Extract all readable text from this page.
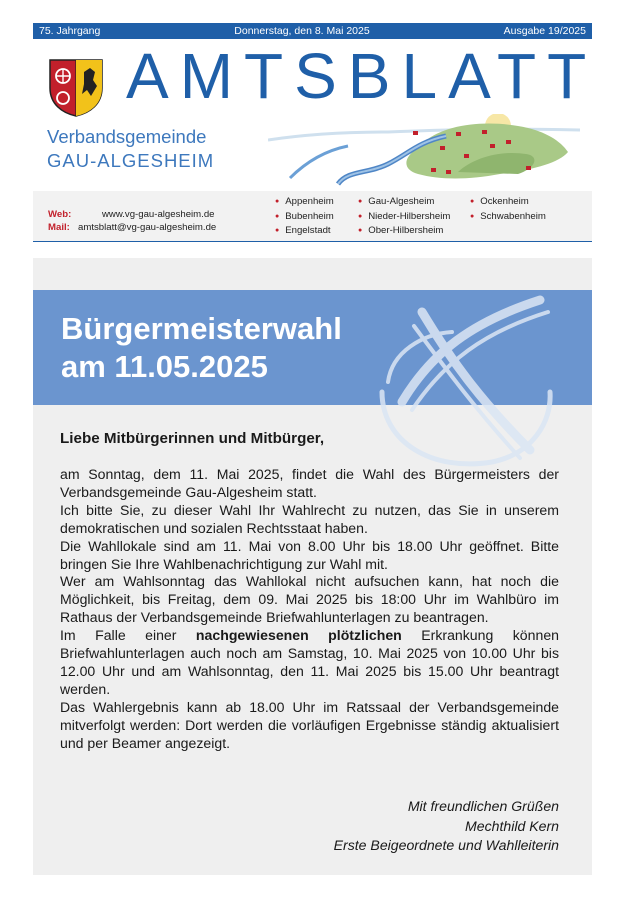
75. Jahrgang	Donnerstag, den 8. Mai 2025	Ausgabe 19/2025
AMTSBLATT
Verbandsgemeinde
GAU-ALGESHEIM
Web:	www.vg-gau-algesheim.de
Mail: amtsblatt@vg-gau-algesheim.de
● Appenheim
● Bubenheim
● Engelstadt
● Gau-Algesheim
● Nieder-Hilbersheim
● Ober-Hilbersheim
● Ockenheim
● Schwabenheim
Bürgermeisterwahl
am 11.05.2025
Liebe Mitbürgerinnen und Mitbürger,

am Sonntag, dem 11. Mai 2025, findet die Wahl des Bürgermeisters der Verbandsgemeinde Gau-Algesheim statt.

Ich bitte Sie, zu dieser Wahl Ihr Wahlrecht zu nutzen, das Sie in unserem demokratischen und sozialen Rechtsstaat haben.

Die Wahllokale sind am 11. Mai von 8.00 Uhr bis 18.00 Uhr geöffnet. Bitte bringen Sie Ihre Wahlbenachrichtigung zur Wahl mit.

Wer am Wahlsonntag das Wahllokal nicht aufsuchen kann, hat noch die Möglichkeit, bis Freitag, dem 09. Mai 2025 bis 18:00 Uhr im Wahlbüro im Rathaus der Verbandsgemeinde Briefwahlunterlagen zu beantragen.

Im Falle einer nachgewiesenen plötzlichen Erkrankung können Briefwahlunterlagen auch noch am Samstag, 10. Mai 2025 von 10.00 Uhr bis 12.00 Uhr und am Wahlsonntag, den 11. Mai 2025 bis 15.00 Uhr beantragt werden.

Das Wahlergebnis kann ab 18.00 Uhr im Ratssaal der Verbandsgemeinde mitverfolgt werden: Dort werden die vorläufigen Ergebnisse ständig aktualisiert und per Beamer angezeigt.

Mit freundlichen Grüßen
Mechthild Kern
Erste Beigeordnete und Wahlleiterin
